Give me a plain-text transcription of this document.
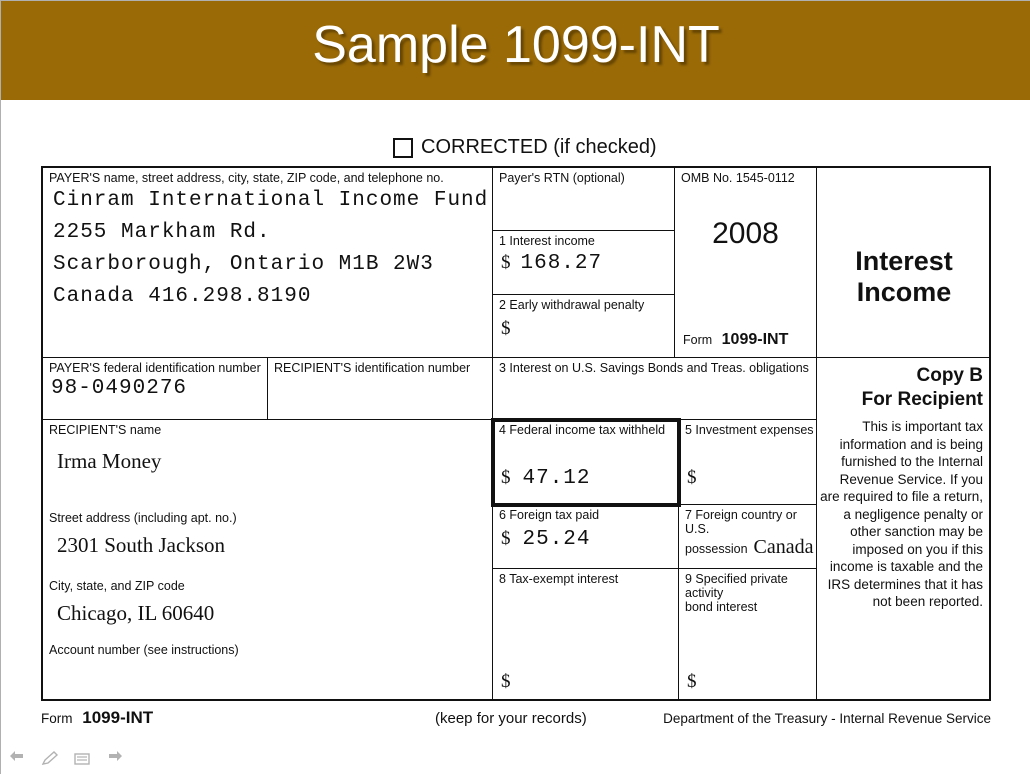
Sample 1099-INT
CORRECTED (if checked)
PAYER'S name, street address, city, state, ZIP code, and telephone no.
Cinram International Income Fund
2255 Markham Rd.
Scarborough, Ontario M1B 2W3
Canada 416.298.8190
Payer's RTN (optional)
1 Interest income
$ 168.27
2 Early withdrawal penalty
$
OMB No. 1545-0112
2008
Form 1099-INT
Interest Income
PAYER'S federal identification number
98-0490276
RECIPIENT'S identification number	3 Interest on U.S. Savings Bonds and Treas. obligations	Copy B
For Recipient
This is important tax information and is being furnished to the Internal Revenue Service. If you are required to file a return, a negligence penalty or other sanction may be imposed on you if this income is taxable and the IRS determines that it has not been reported.
RECIPIENT'S name
Irma Money
Street address (including apt. no.)
2301 South Jackson
City, state, and ZIP code
Chicago, IL 60640
Account number (see instructions)
4 Federal income tax withheld
$ 47.12
5 Investment expenses
$
6 Foreign tax paid
$ 25.24
7 Foreign country or U.S.
possession Canada
8 Tax-exempt interest
$
9 Specified private activity
bond interest
$
Form 1099-INT	(keep for your records)	Department of the Treasury - Internal Revenue Service
